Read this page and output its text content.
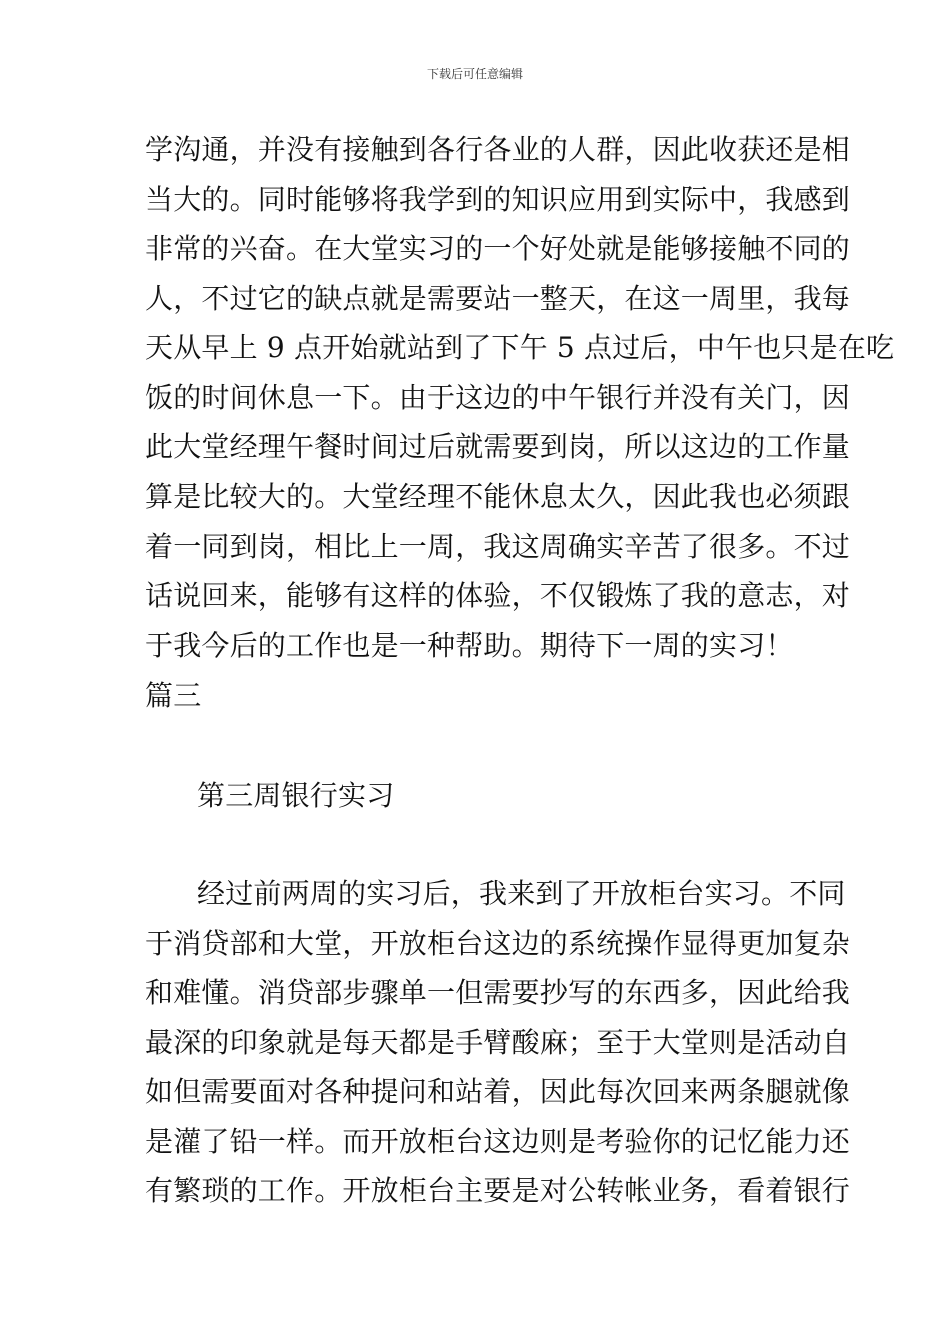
下载后可任意编辑
学沟通，并没有接触到各行各业的人群，因此收获还是相
当大的。同时能够将我学到的知识应用到实际中，我感到
非常的兴奋。在大堂实习的一个好处就是能够接触不同的
人，不过它的缺点就是需要站一整天，在这一周里，我每
天从早上 9 点开始就站到了下午 5 点过后，中午也只是在吃
饭的时间休息一下。由于这边的中午银行并没有关门，因
此大堂经理午餐时间过后就需要到岗，所以这边的工作量
算是比较大的。大堂经理不能休息太久，因此我也必须跟
着一同到岗，相比上一周，我这周确实辛苦了很多。不过
话说回来，能够有这样的体验，不仅锻炼了我的意志，对
于我今后的工作也是一种帮助。期待下一周的实习！
篇三
第三周银行实习
经过前两周的实习后，我来到了开放柜台实习。不同
于消贷部和大堂，开放柜台这边的系统操作显得更加复杂
和难懂。消贷部步骤单一但需要抄写的东西多，因此给我
最深的印象就是每天都是手臂酸麻；至于大堂则是活动自
如但需要面对各种提问和站着，因此每次回来两条腿就像
是灌了铅一样。而开放柜台这边则是考验你的记忆能力还
有繁琐的工作。开放柜台主要是对公转帐业务，看着银行
